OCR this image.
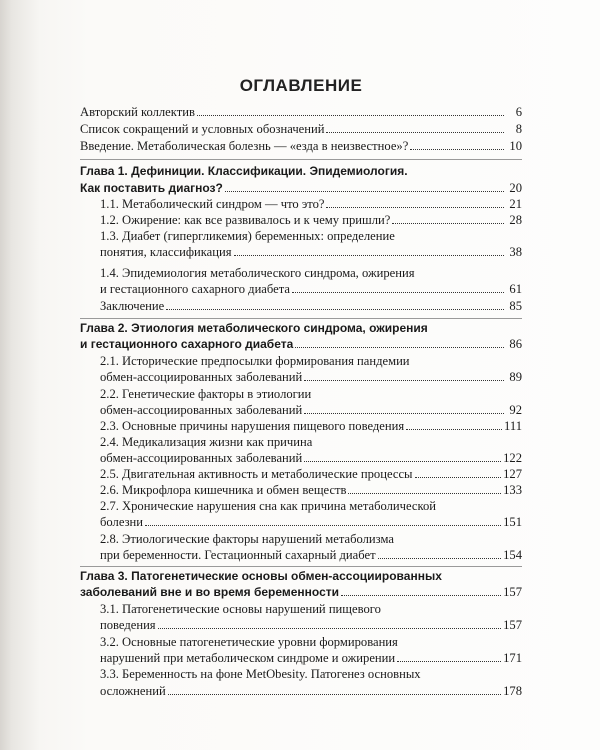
ОГЛАВЛЕНИЕ
Авторский коллектив	6
Список сокращений и условных обозначений	8
Введение. Метаболическая болезнь — «езда в неизвестное»?	10
Глава 1. Дефиниции. Классификации. Эпидемиология.
Как поставить диагноз?	20
1.1. Метаболический синдром — что это?	21
1.2. Ожирение: как все развивалось и к чему пришли?	28
1.3. Диабет (гипергликемия) беременных: определение
понятия, классификация	38
1.4. Эпидемиология метаболического синдрома, ожирения
и гестационного сахарного диабета	61
Заключение	85
Глава 2. Этиология метаболического синдрома, ожирения
и гестационного сахарного диабета	86
2.1. Исторические предпосылки формирования пандемии
обмен-ассоциированных заболеваний	89
2.2. Генетические факторы в этиологии
обмен-ассоциированных заболеваний	92
2.3. Основные причины нарушения пищевого поведения	111
2.4. Медикализация жизни как причина
обмен-ассоциированных заболеваний	122
2.5. Двигательная активность и метаболические процессы	127
2.6. Микрофлора кишечника и обмен веществ	133
2.7. Хронические нарушения сна как причина метаболической
болезни	151
2.8. Этиологические факторы нарушений метаболизма
при беременности. Гестационный сахарный диабет	154
Глава 3. Патогенетические основы обмен-ассоциированных
заболеваний вне и во время беременности	157
3.1. Патогенетические основы нарушений пищевого
поведения	157
3.2. Основные патогенетические уровни формирования
нарушений при метаболическом синдроме и ожирении	171
3.3. Беременность на фоне MetObesity. Патогенез основных
осложнений	178
